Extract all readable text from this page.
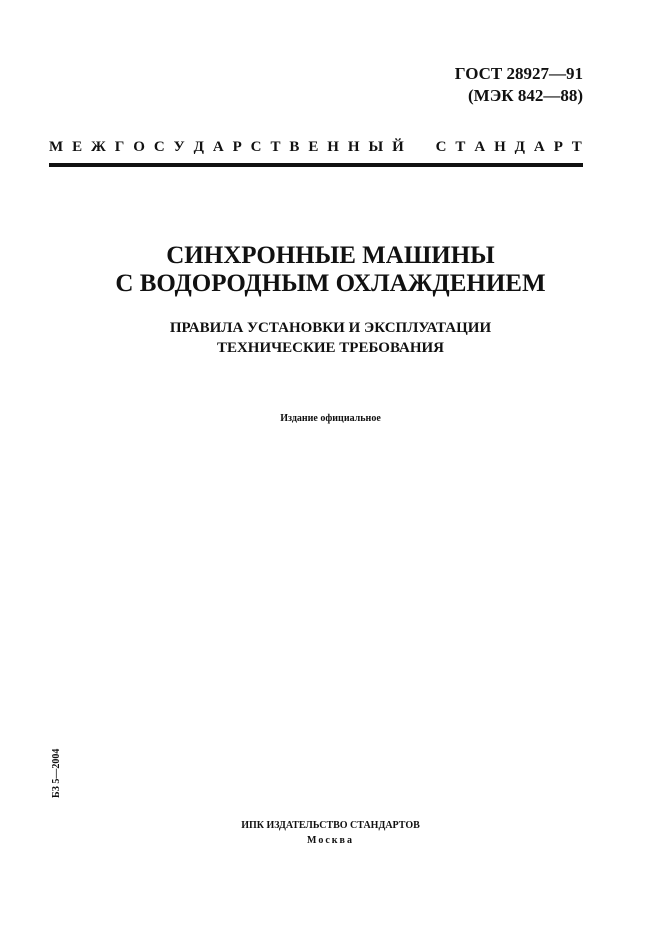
ГОСТ 28927—91
(МЭК 842—88)
М Е Ж Г О С У Д А Р С Т В Е Н Н Ы Й С Т А Н Д А Р Т
СИНХРОННЫЕ МАШИНЫ
С ВОДОРОДНЫМ ОХЛАЖДЕНИЕМ
ПРАВИЛА УСТАНОВКИ И ЭКСПЛУАТАЦИИ
ТЕХНИЧЕСКИЕ ТРЕБОВАНИЯ
Издание официальное
БЗ 5—2004
ИПК ИЗДАТЕЛЬСТВО СТАНДАРТОВ
Москва
